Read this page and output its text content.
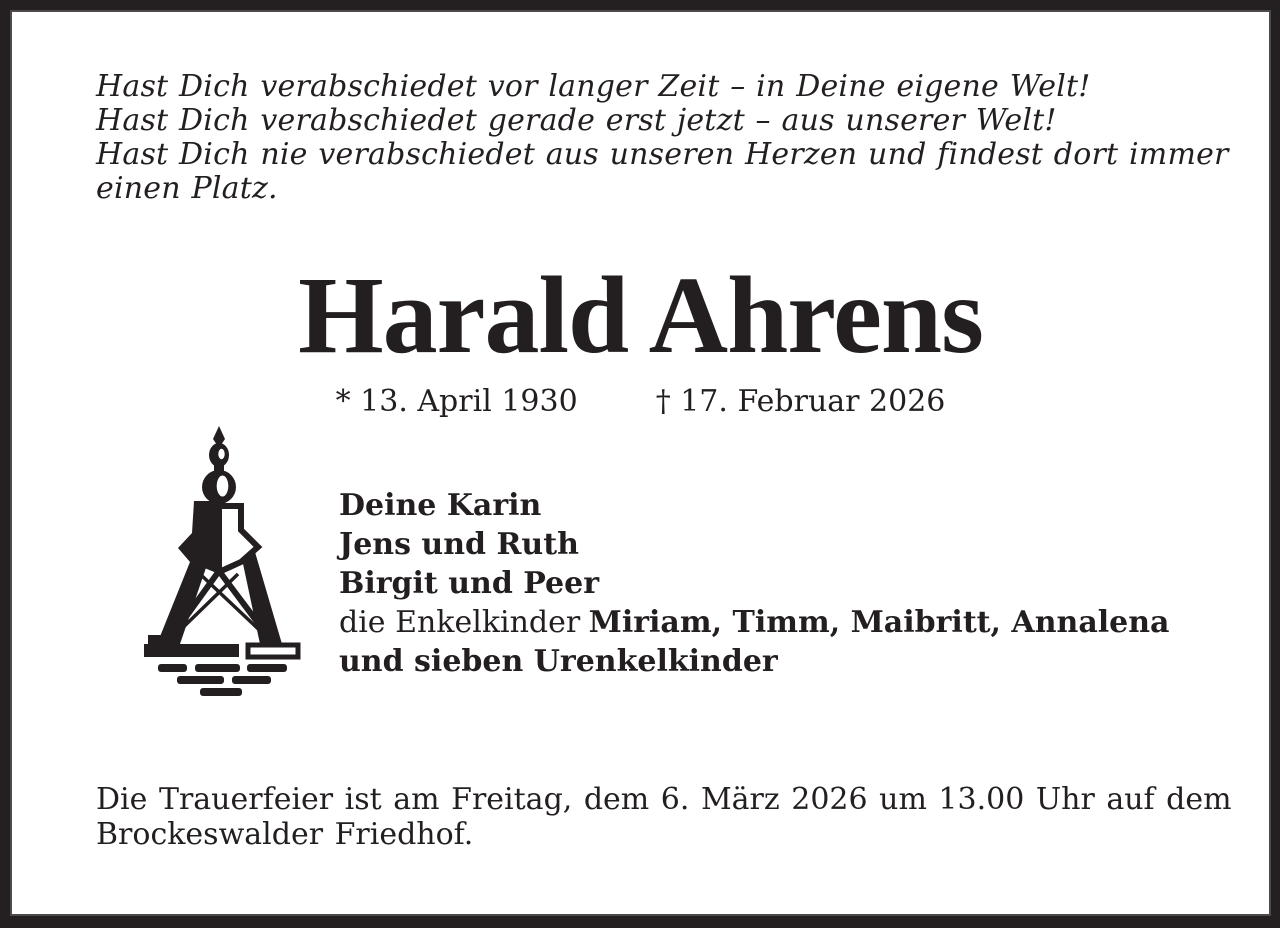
Hast Dich verabschiedet vor langer Zeit – in Deine eigene Welt!
Hast Dich verabschiedet gerade erst jetzt – aus unserer Welt!
Hast Dich nie verabschiedet aus unseren Herzen und findest dort immer
einen Platz.
Harald Ahrens
* 13. April 1930	† 17. Februar 2026
Deine Karin
Jens und Ruth
Birgit und Peer
die Enkelkinder Miriam, Timm, Maibritt, Annalena
und sieben Urenkelkinder
Die Trauerfeier ist am Freitag, dem 6. März 2026 um 13.00 Uhr auf dem
Brockeswalder Friedhof.
